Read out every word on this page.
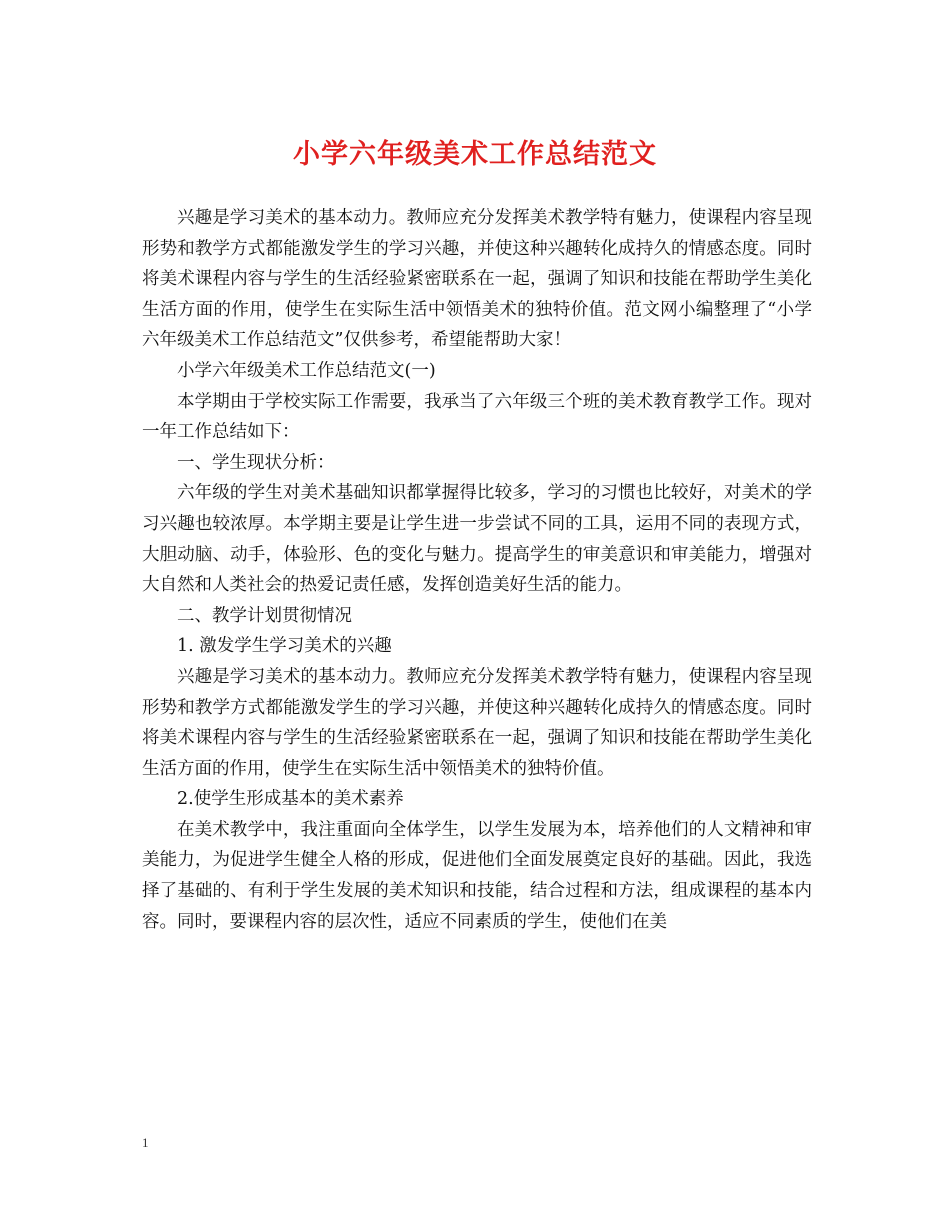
小学六年级美术工作总结范文

兴趣是学习美术的基本动力。教师应充分发挥美术教学特有魅力，使课程内容呈现形势和教学方式都能激发学生的学习兴趣，并使这种兴趣转化成持久的情感态度。同时将美术课程内容与学生的生活经验紧密联系在一起，强调了知识和技能在帮助学生美化生活方面的作用，使学生在实际生活中领悟美术的独特价值。范文网小编整理了“小学六年级美术工作总结范文”仅供参考，希望能帮助大家！

小学六年级美术工作总结范文(一)

本学期由于学校实际工作需要，我承当了六年级三个班的美术教育教学工作。现对一年工作总结如下：

一、学生现状分析：

六年级的学生对美术基础知识都掌握得比较多，学习的习惯也比较好，对美术的学习兴趣也较浓厚。本学期主要是让学生进一步尝试不同的工具，运用不同的表现方式，大胆动脑、动手，体验形、色的变化与魅力。提高学生的审美意识和审美能力，增强对大自然和人类社会的热爱记责任感，发挥创造美好生活的能力。

二、教学计划贯彻情况

1. 激发学生学习美术的兴趣

兴趣是学习美术的基本动力。教师应充分发挥美术教学特有魅力，使课程内容呈现形势和教学方式都能激发学生的学习兴趣，并使这种兴趣转化成持久的情感态度。同时将美术课程内容与学生的生活经验紧密联系在一起，强调了知识和技能在帮助学生美化生活方面的作用，使学生在实际生活中领悟美术的独特价值。

2.使学生形成基本的美术素养

在美术教学中，我注重面向全体学生，以学生发展为本，培养他们的人文精神和审美能力，为促进学生健全人格的形成，促进他们全面发展奠定良好的基础。因此，我选择了基础的、有利于学生发展的美术知识和技能，结合过程和方法，组成课程的基本内容。同时，要课程内容的层次性，适应不同素质的学生，使他们在美

1
